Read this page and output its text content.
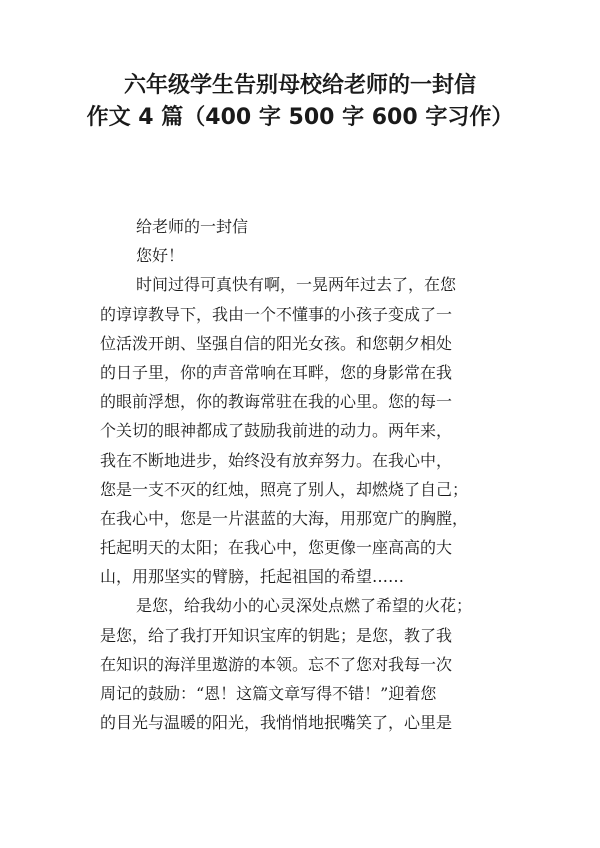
六年级学生告别母校给老师的一封信
作文 4 篇（400 字 500 字 600 字习作）
给老师的一封信
您好！
时间过得可真快有啊，一晃两年过去了，在您
的谆谆教导下，我由一个不懂事的小孩子变成了一
位活泼开朗、坚强自信的阳光女孩。和您朝夕相处
的日子里，你的声音常响在耳畔，您的身影常在我
的眼前浮想，你的教诲常驻在我的心里。您的每一
个关切的眼神都成了鼓励我前进的动力。两年来，
我在不断地进步，始终没有放弃努力。在我心中，
您是一支不灭的红烛，照亮了别人，却燃烧了自己；
在我心中，您是一片湛蓝的大海，用那宽广的胸膛，
托起明天的太阳；在我心中，您更像一座高高的大
山，用那坚实的臂膀，托起祖国的希望……
是您，给我幼小的心灵深处点燃了希望的火花；
是您，给了我打开知识宝库的钥匙；是您，教了我
在知识的海洋里遨游的本领。忘不了您对我每一次
周记的鼓励：“恩！这篇文章写得不错！”迎着您
的目光与温暖的阳光，我悄悄地抿嘴笑了，心里是
